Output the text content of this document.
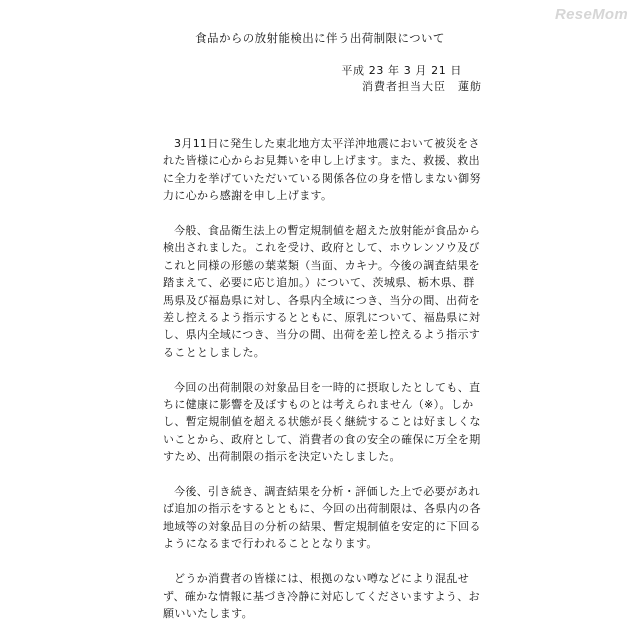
ReseMom
食品からの放射能検出に伴う出荷制限について
平成 23 年 3 月 21 日
消費者担当大臣　蓮舫

3月11日に発生した東北地方太平洋沖地震において被災をされた皆様に心からお見舞いを申し上げます。また、救援、救出に全力を挙げていただいている関係各位の身を惜しまない御努力に心から感謝を申し上げます。

今般、食品衛生法上の暫定規制値を超えた放射能が食品から検出されました。これを受け、政府として、ホウレンソウ及びこれと同様の形態の葉菜類（当面、カキナ。今後の調査結果を踏まえて、必要に応じ追加。）について、茨城県、栃木県、群馬県及び福島県に対し、各県内全域につき、当分の間、出荷を差し控えるよう指示するとともに、原乳について、福島県に対し、県内全域につき、当分の間、出荷を差し控えるよう指示することとしました。

今回の出荷制限の対象品目を一時的に摂取したとしても、直ちに健康に影響を及ぼすものとは考えられません（※）。しかし、暫定規制値を超える状態が長く継続することは好ましくないことから、政府として、消費者の食の安全の確保に万全を期すため、出荷制限の指示を決定いたしました。

今後、引き続き、調査結果を分析・評価した上で必要があれば追加の指示をするとともに、今回の出荷制限は、各県内の各地域等の対象品目の分析の結果、暫定規制値を安定的に下回るようになるまで行われることとなります。

どうか消費者の皆様には、根拠のない噂などにより混乱せず、確かな情報に基づき冷静に対応してくださいますよう、お願いいたします。
